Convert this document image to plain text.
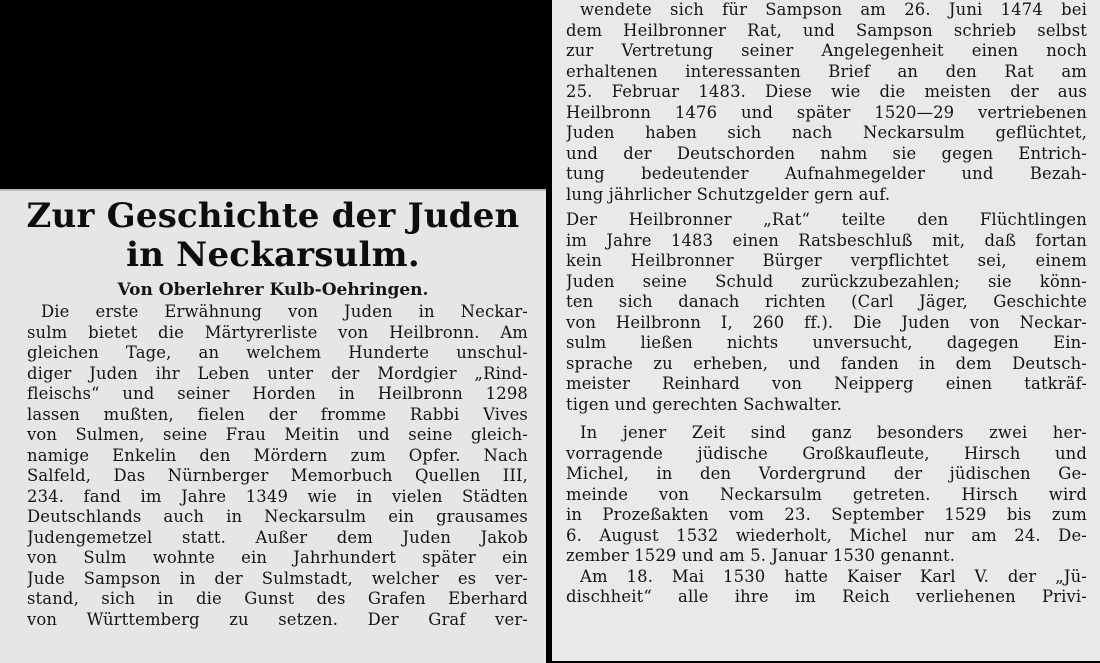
Zur Geschichte der Juden
in Neckarsulm.
Von Oberlehrer Kulb-Oehringen.
Die erste Erwähnung von Juden in Neckar-
sulm bietet die Märtyrerliste von Heilbronn. Am
gleichen Tage, an welchem Hunderte unschul-
diger Juden ihr Leben unter der Mordgier „Rind-
fleischs“ und seiner Horden in Heilbronn 1298
lassen mußten, fielen der fromme Rabbi Vives
von Sulmen, seine Frau Meitin und seine gleich-
namige Enkelin den Mördern zum Opfer. Nach
Salfeld, Das Nürnberger Memorbuch Quellen III,
234. fand im Jahre 1349 wie in vielen Städten
Deutschlands auch in Neckarsulm ein grausames
Judengemetzel statt. Außer dem Juden Jakob
von Sulm wohnte ein Jahrhundert später ein
Jude Sampson in der Sulmstadt, welcher es ver-
stand, sich in die Gunst des Grafen Eberhard
von Württemberg zu setzen. Der Graf ver-
wendete sich für Sampson am 26. Juni 1474 bei
dem Heilbronner Rat, und Sampson schrieb selbst
zur Vertretung seiner Angelegenheit einen noch
erhaltenen interessanten Brief an den Rat am
25. Februar 1483. Diese wie die meisten der aus
Heilbronn 1476 und später 1520—29 vertriebenen
Juden haben sich nach Neckarsulm geflüchtet,
und der Deutschorden nahm sie gegen Entrich-
tung bedeutender Aufnahmegelder und Bezah-
lung jährlicher Schutzgelder gern auf.
Der Heilbronner „Rat“ teilte den Flüchtlingen
im Jahre 1483 einen Ratsbeschluß mit, daß fortan
kein Heilbronner Bürger verpflichtet sei, einem
Juden seine Schuld zurückzubezahlen; sie könn-
ten sich danach richten (Carl Jäger, Geschichte
von Heilbronn I, 260 ff.). Die Juden von Neckar-
sulm ließen nichts unversucht, dagegen Ein-
sprache zu erheben, und fanden in dem Deutsch-
meister Reinhard von Neipperg einen tatkräf-
tigen und gerechten Sachwalter.
In jener Zeit sind ganz besonders zwei her-
vorragende jüdische Großkaufleute, Hirsch und
Michel, in den Vordergrund der jüdischen Ge-
meinde von Neckarsulm getreten. Hirsch wird
in Prozeßakten vom 23. September 1529 bis zum
6. August 1532 wiederholt, Michel nur am 24. De-
zember 1529 und am 5. Januar 1530 genannt.
Am 18. Mai 1530 hatte Kaiser Karl V. der „Jü-
dischheit“ alle ihre im Reich verliehenen Privi-
